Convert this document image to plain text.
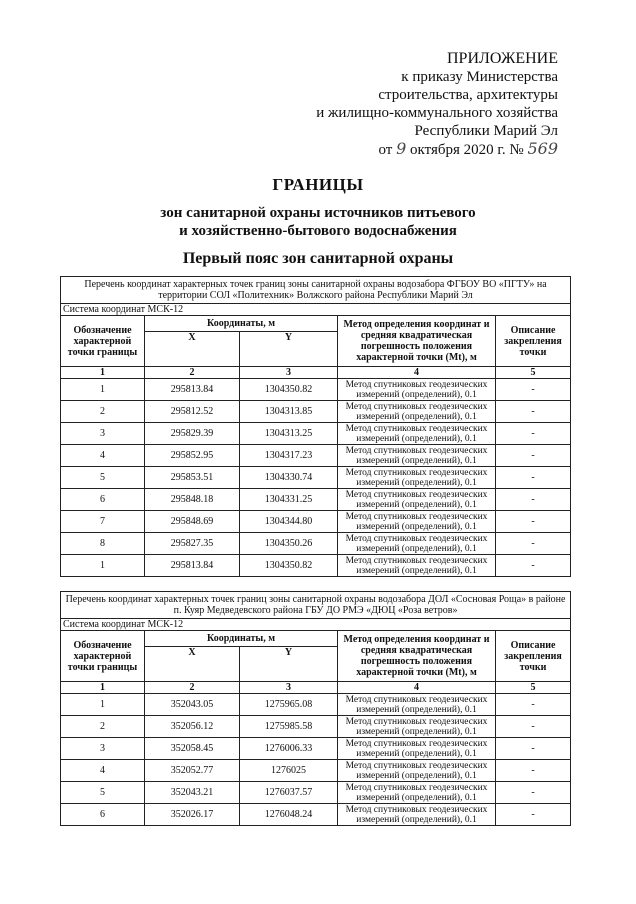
ПРИЛОЖЕНИЕ
к приказу Министерства
строительства, архитектуры
и жилищно-коммунального хозяйства
Республики Марий Эл
от 9 октября 2020 г. № 569
ГРАНИЦЫ
зон санитарной охраны источников питьевого
и хозяйственно-бытового водоснабжения
Первый пояс зон санитарной охраны
Перечень координат характерных точек границ зоны санитарной охраны водозабора ФГБОУ ВО «ПГТУ» на территории СОЛ «Политехник» Волжского района Республики Марий Эл				
Система координат МСК-12				
Обозначение характерной точки границы	Координаты, м		Метод определения координат и средняя квадратическая погрешность положения характерной точки (Mt), м	Описание закрепления точки
	X	Y		
1	2	3	4	5
1	295813.84	1304350.82	Метод спутниковых геодезических измерений (определений), 0.1	-
2	295812.52	1304313.85	Метод спутниковых геодезических измерений (определений), 0.1	-
3	295829.39	1304313.25	Метод спутниковых геодезических измерений (определений), 0.1	-
4	295852.95	1304317.23	Метод спутниковых геодезических измерений (определений), 0.1	-
5	295853.51	1304330.74	Метод спутниковых геодезических измерений (определений), 0.1	-
6	295848.18	1304331.25	Метод спутниковых геодезических измерений (определений), 0.1	-
7	295848.69	1304344.80	Метод спутниковых геодезических измерений (определений), 0.1	-
8	295827.35	1304350.26	Метод спутниковых геодезических измерений (определений), 0.1	-
1	295813.84	1304350.82	Метод спутниковых геодезических измерений (определений), 0.1	-
Перечень координат характерных точек границ зоны санитарной охраны водозабора ДОЛ «Сосновая Роща» в районе п. Куяр Медведевского района ГБУ ДО РМЭ «ДЮЦ «Роза ветров»				
Система координат МСК-12				
Обозначение характерной точки границы	Координаты, м		Метод определения координат и средняя квадратическая погрешность положения характерной точки (Mt), м	Описание закрепления точки
	X	Y		
1	2	3	4	5
1	352043.05	1275965.08	Метод спутниковых геодезических измерений (определений), 0.1	-
2	352056.12	1275985.58	Метод спутниковых геодезических измерений (определений), 0.1	-
3	352058.45	1276006.33	Метод спутниковых геодезических измерений (определений), 0.1	-
4	352052.77	1276025	Метод спутниковых геодезических измерений (определений), 0.1	-
5	352043.21	1276037.57	Метод спутниковых геодезических измерений (определений), 0.1	-
6	352026.17	1276048.24	Метод спутниковых геодезических измерений (определений), 0.1	-
